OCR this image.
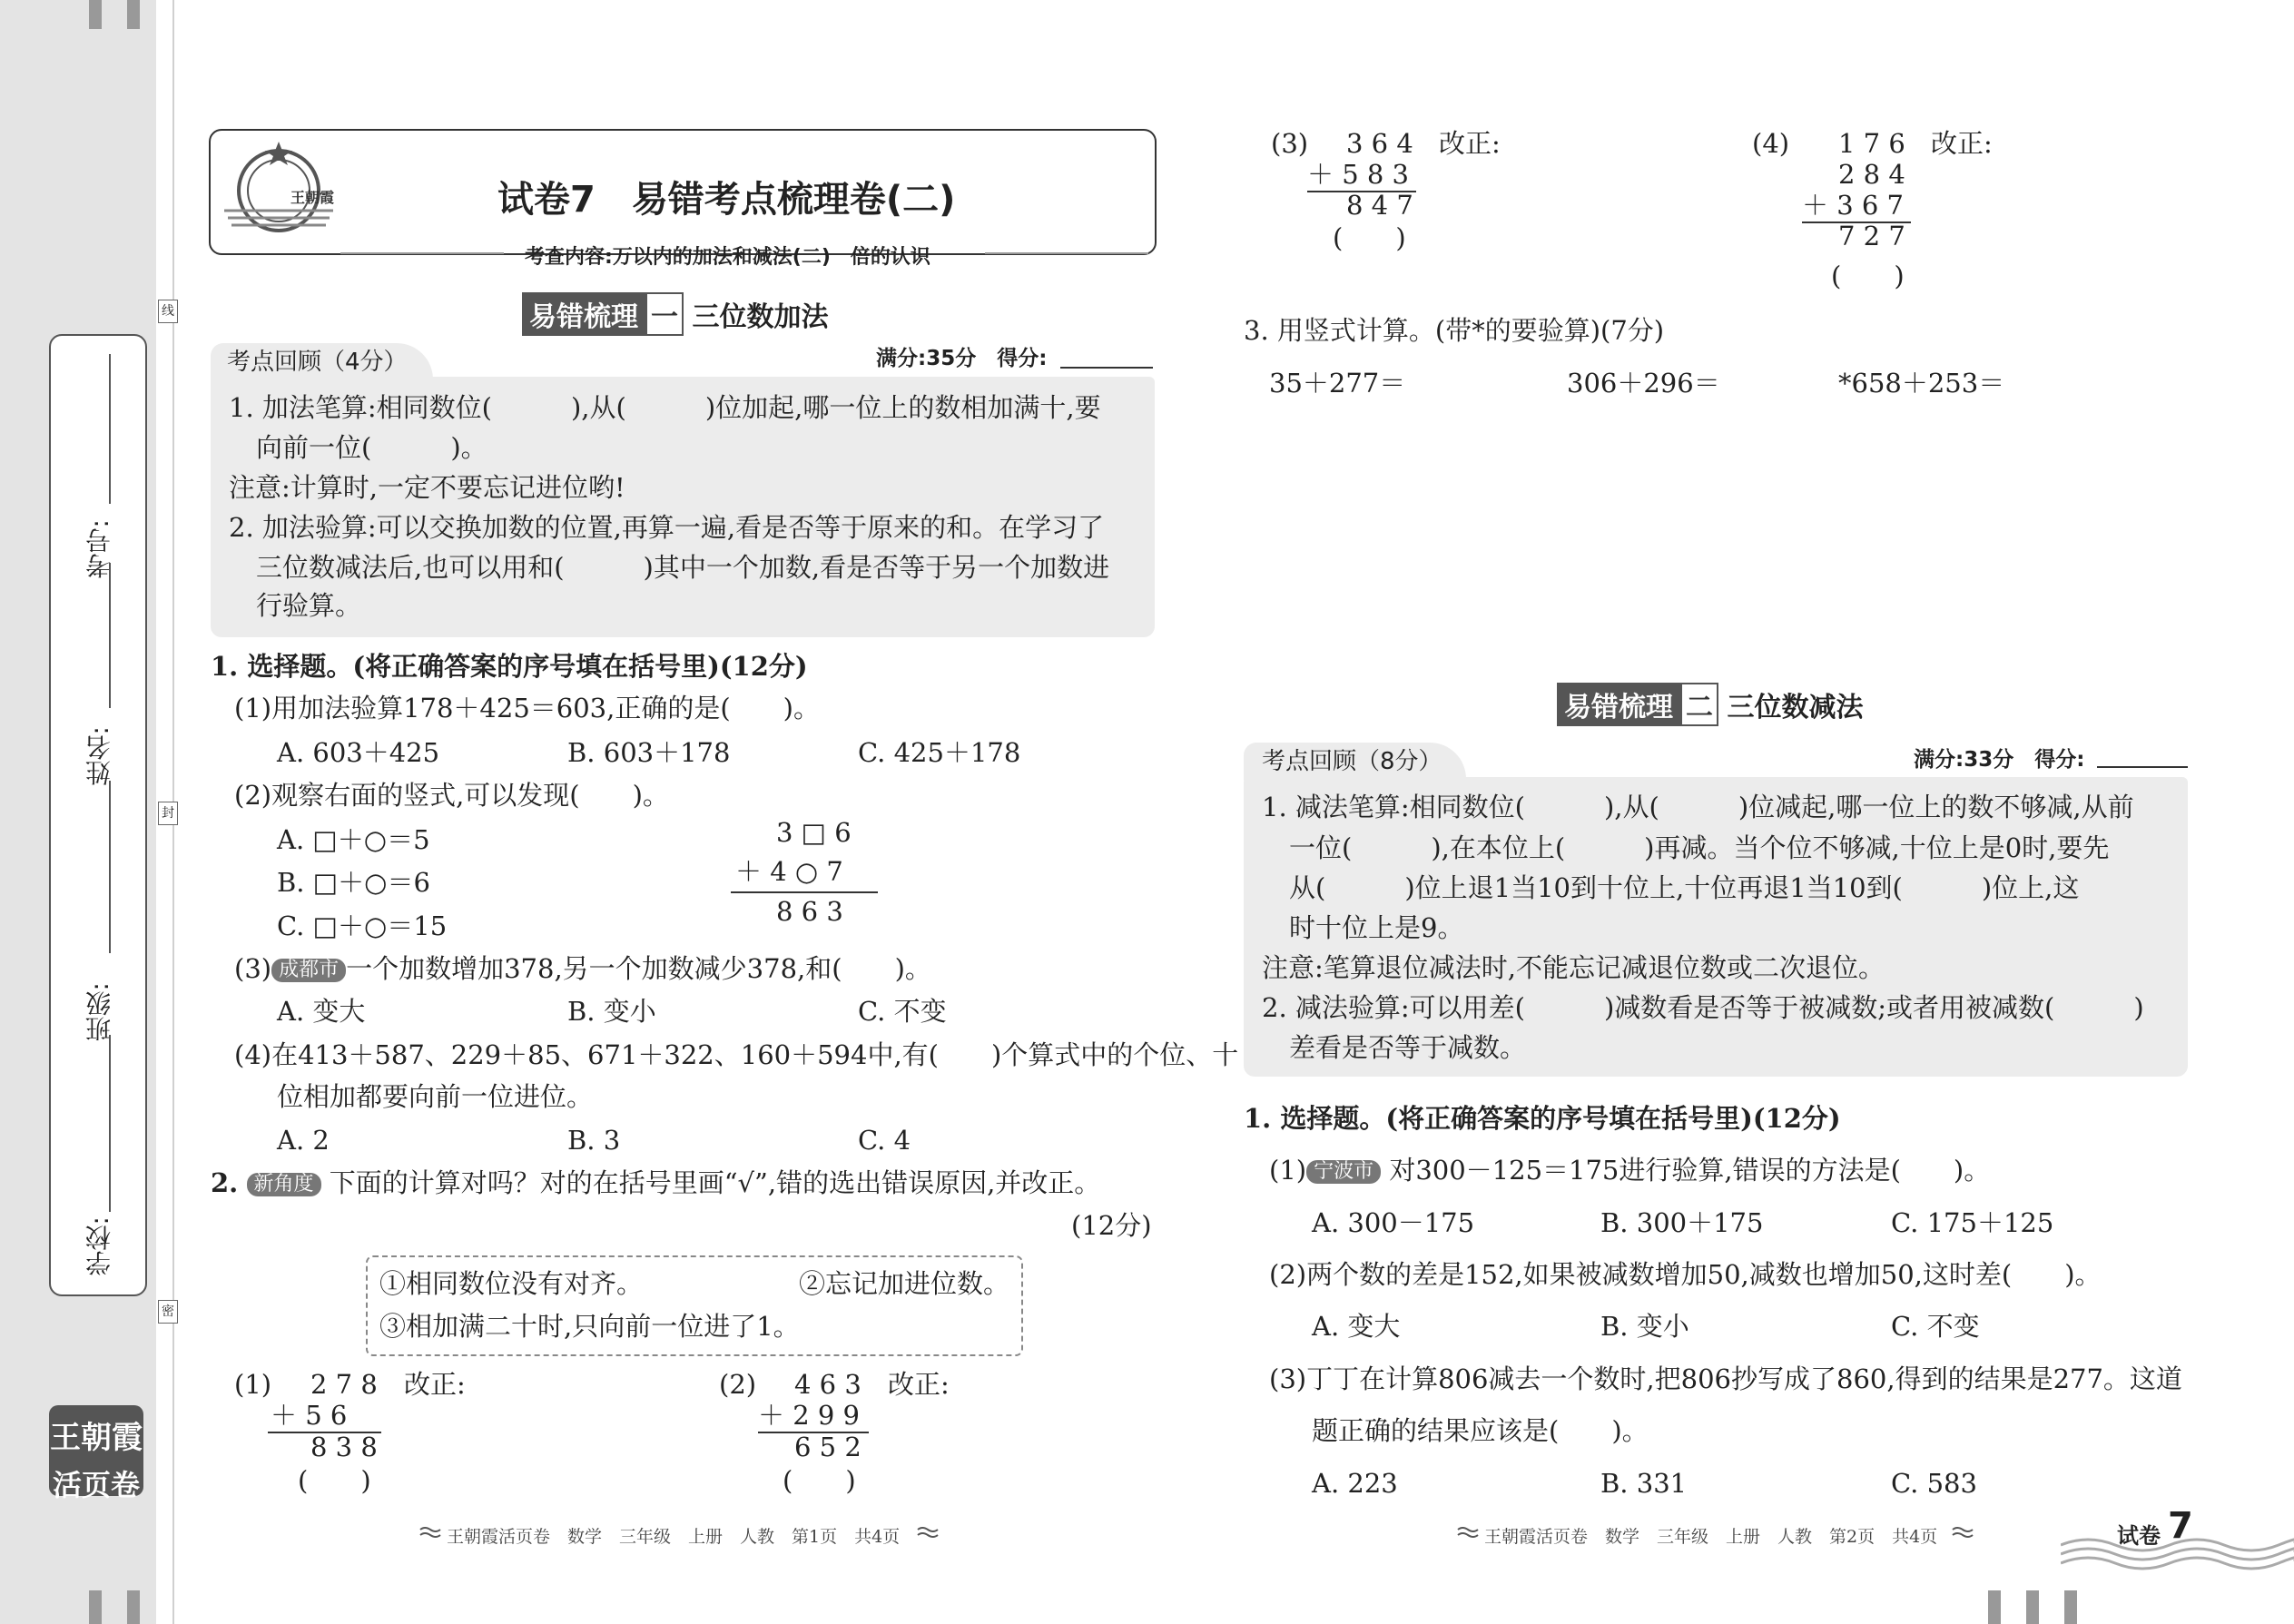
考号:
姓名:
班级:
学校:
线
封
密
王朝霞
活页卷
王朝霞	试卷7　易错考点梳理卷(二)
考查内容:万以内的加法和减法(二)　倍的认识
易错梳理 一 三位数加法
考点回顾（4分）	满分:35分　得分:
1. 加法笔算:相同数位(　　　),从(　　　)位加起,哪一位上的数相加满十,要
向前一位(　　　)。
注意:计算时,一定不要忘记进位哟!
2. 加法验算:可以交换加数的位置,再算一遍,看是否等于原来的和。在学习了
三位数减法后,也可以用和(　　　)其中一个加数,看是否等于另一个加数进
行验算。
1. 选择题。(将正确答案的序号填在括号里)(12分)
(1)用加法验算178＋425＝603,正确的是(　　)。
A. 603＋425	B. 603＋178	C. 425＋178
(2)观察右面的竖式,可以发现(　　)。
A. □＋○＝5
B. □＋○＝6
C. □＋○＝15
3 □ 6
＋ 4 ○ 7
8 6 3
(3) 成都市 一个加数增加378,另一个加数减少378,和(　　)。
A. 变大	B. 变小	C. 不变
(4)在413＋587、229＋85、671＋322、160＋594中,有(　　)个算式中的个位、十
位相加都要向前一位进位。
A. 2	B. 3	C. 4
2. 新角度 下面的计算对吗？对的在括号里画“√”,错的选出错误原因,并改正。
(12分)
①相同数位没有对齐。	②忘记加进位数。
③相加满二十时,只向前一位进了1。
(1) 2 7 8 改正:
＋ 5 6
8 3 8
(　　)
(2) 4 6 3 改正:
＋ 2 9 9
6 5 2
(　　)
王朝霞活页卷　数学　三年级　上册　人教　第1页　共4页
(3) 3 6 4 改正:
＋ 5 8 3
8 4 7
(　　)
(4) 1 7 6 改正:
2 8 4
＋ 3 6 7
7 2 7
(　　)
3. 用竖式计算。(带*的要验算)(7分)
35＋277＝	306＋296＝	*658＋253＝
易错梳理 二 三位数减法
考点回顾（8分）	满分:33分　得分:
1. 减法笔算:相同数位(　　　),从(　　　)位减起,哪一位上的数不够减,从前
一位(　　　),在本位上(　　　)再减。当个位不够减,十位上是0时,要先
从(　　　)位上退1当10到十位上,十位再退1当10到(　　　)位上,这
时十位上是9。
注意:笔算退位减法时,不能忘记减退位数或二次退位。
2. 减法验算:可以用差(　　　)减数看是否等于被减数;或者用被减数(　　　)
差看是否等于减数。
1. 选择题。(将正确答案的序号填在括号里)(12分)
(1) 宁波市 对300－125＝175进行验算,错误的方法是(　　)。
A. 300－175	B. 300＋175	C. 175＋125
(2)两个数的差是152,如果被减数增加50,减数也增加50,这时差(　　)。
A. 变大	B. 变小	C. 不变
(3)丁丁在计算806减去一个数时,把806抄写成了860,得到的结果是277。这道
题正确的结果应该是(　　)。
A. 223	B. 331	C. 583
王朝霞活页卷　数学　三年级　上册　人教　第2页　共4页	试卷 7
